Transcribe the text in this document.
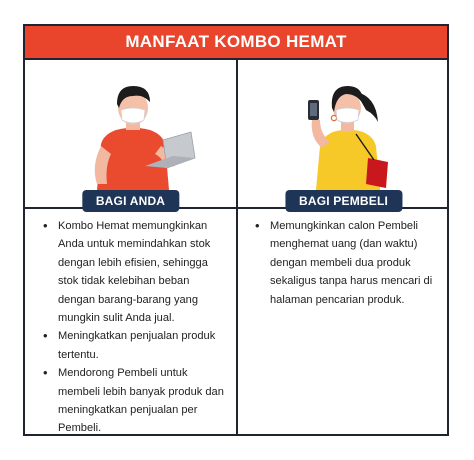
MANFAAT KOMBO HEMAT
BAGI ANDA	BAGI PEMBELI
• Kombo Hemat memungkinkan Anda untuk memindahkan stok dengan lebih efisien, sehingga stok tidak kelebihan beban dengan barang-barang yang mungkin sulit Anda jual.
• Meningkatkan penjualan produk tertentu.
• Mendorong Pembeli untuk membeli lebih banyak produk dan meningkatkan penjualan per Pembeli.
• Memungkinkan calon Pembeli menghemat uang (dan waktu) dengan membeli dua produk sekaligus tanpa harus mencari di halaman pencarian produk.
